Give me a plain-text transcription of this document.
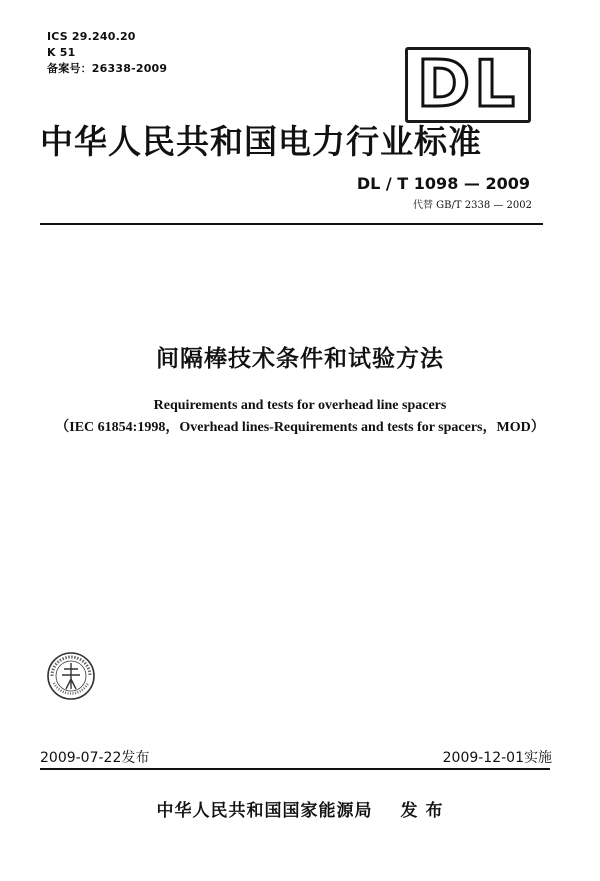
ICS 29.240.20
K 51
备案号：26338-2009	DL
中华人民共和国电力行业标准
DL / T 1098 — 2009
代替 GB/T 2338 — 2002
间隔棒技术条件和试验方法
Requirements and tests for overhead line spacers
（IEC 61854:1998，Overhead lines-Requirements and tests for spacers，MOD）
2009-07-22发布	2009-12-01实施
中华人民共和国国家能源局 发 布
